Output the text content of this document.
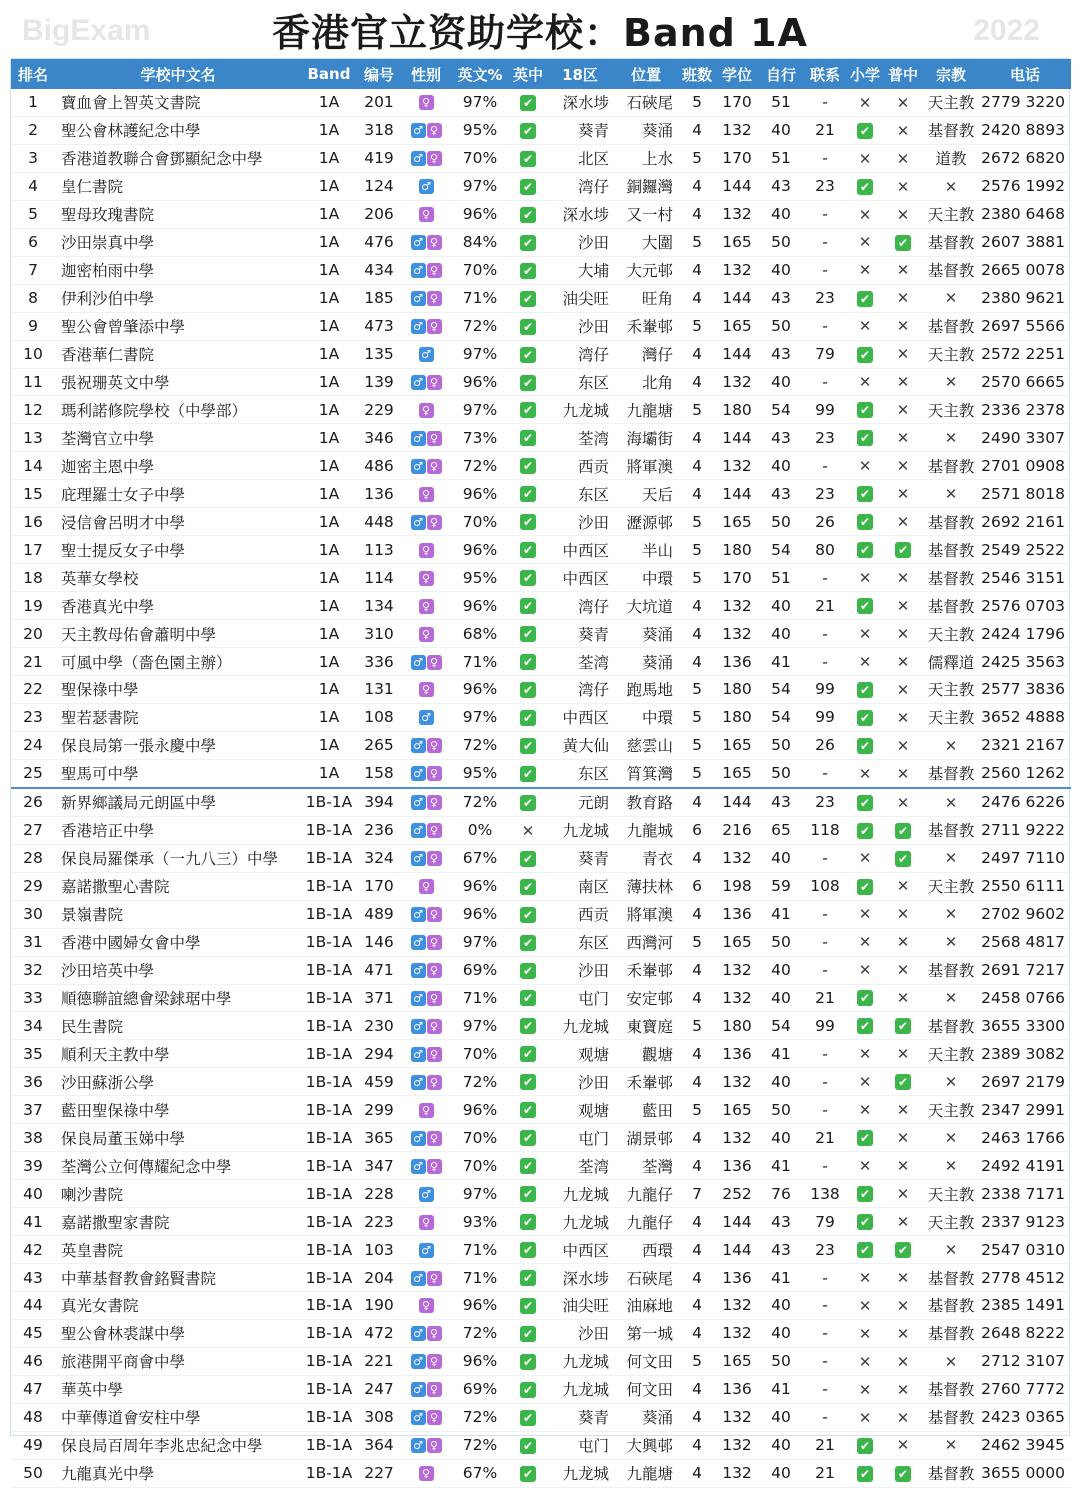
BigExam	2022
香港官立资助学校：Band 1A
排名	学校中文名	Band	编号	性别	英文%	英中	18区	位置	班数	学位	自行	联系	小学	普中	宗教	电话
1	寶血會上智英文書院	1A	201	♀	97%	✔	深水埗	石硤尾	5	170	51	-	✕	✕	天主教	2779 3220
2	聖公會林護紀念中學	1A	318	♂ ♀	95%	✔	葵青	葵涌	4	132	40	21	✔	✕	基督教	2420 8893
3	香港道教聯合會鄧顯紀念中學	1A	419	♂ ♀	70%	✔	北区	上水	5	170	51	-	✕	✕	道教	2672 6820
4	皇仁書院	1A	124	♂	97%	✔	湾仔	銅鑼灣	4	144	43	23	✔	✕	✕	2576 1992
5	聖母玫瑰書院	1A	206	♀	96%	✔	深水埗	又一村	4	132	40	-	✕	✕	天主教	2380 6468
6	沙田崇真中學	1A	476	♂ ♀	84%	✔	沙田	大圍	5	165	50	-	✕	✔	基督教	2607 3881
7	迦密柏雨中學	1A	434	♂ ♀	70%	✔	大埔	大元邨	4	132	40	-	✕	✕	基督教	2665 0078
8	伊利沙伯中學	1A	185	♂ ♀	71%	✔	油尖旺	旺角	4	144	43	23	✔	✕	✕	2380 9621
9	聖公會曾肇添中學	1A	473	♂ ♀	72%	✔	沙田	禾輋邨	5	165	50	-	✕	✕	基督教	2697 5566
10	香港華仁書院	1A	135	♂	97%	✔	湾仔	灣仔	4	144	43	79	✔	✕	天主教	2572 2251
11	張祝珊英文中學	1A	139	♂ ♀	96%	✔	东区	北角	4	132	40	-	✕	✕	✕	2570 6665
12	瑪利諾修院學校（中學部）	1A	229	♀	97%	✔	九龙城	九龍塘	5	180	54	99	✔	✕	天主教	2336 2378
13	荃灣官立中學	1A	346	♂ ♀	73%	✔	荃湾	海壩街	4	144	43	23	✔	✕	✕	2490 3307
14	迦密主恩中學	1A	486	♂ ♀	72%	✔	西贡	將軍澳	4	132	40	-	✕	✕	基督教	2701 0908
15	庇理羅士女子中學	1A	136	♀	96%	✔	东区	天后	4	144	43	23	✔	✕	✕	2571 8018
16	浸信會呂明才中學	1A	448	♂ ♀	70%	✔	沙田	瀝源邨	5	165	50	26	✔	✕	基督教	2692 2161
17	聖士提反女子中學	1A	113	♀	96%	✔	中西区	半山	5	180	54	80	✔	✔	基督教	2549 2522
18	英華女學校	1A	114	♀	95%	✔	中西区	中環	5	170	51	-	✕	✕	基督教	2546 3151
19	香港真光中學	1A	134	♀	96%	✔	湾仔	大坑道	4	132	40	21	✔	✕	基督教	2576 0703
20	天主教母佑會蕭明中學	1A	310	♀	68%	✔	葵青	葵涌	4	132	40	-	✕	✕	天主教	2424 1796
21	可風中學（嗇色園主辦）	1A	336	♂ ♀	71%	✔	荃湾	葵涌	4	136	41	-	✕	✕	儒釋道	2425 3563
22	聖保祿中學	1A	131	♀	96%	✔	湾仔	跑馬地	5	180	54	99	✔	✕	天主教	2577 3836
23	聖若瑟書院	1A	108	♂	97%	✔	中西区	中環	5	180	54	99	✔	✕	天主教	3652 4888
24	保良局第一張永慶中學	1A	265	♂ ♀	72%	✔	黄大仙	慈雲山	5	165	50	26	✔	✕	✕	2321 2167
25	聖馬可中學	1A	158	♂ ♀	95%	✔	东区	筲箕灣	5	165	50	-	✕	✕	基督教	2560 1262
26	新界鄉議局元朗區中學	1B-1A	394	♂ ♀	72%	✔	元朗	教育路	4	144	43	23	✔	✕	✕	2476 6226
27	香港培正中學	1B-1A	236	♂ ♀	0%	✕	九龙城	九龍城	6	216	65	118	✔	✔	基督教	2711 9222
28	保良局羅傑承（一九八三）中學	1B-1A	324	♂ ♀	67%	✔	葵青	青衣	4	132	40	-	✕	✔	✕	2497 7110
29	嘉諾撒聖心書院	1B-1A	170	♀	96%	✔	南区	薄扶林	6	198	59	108	✔	✕	天主教	2550 6111
30	景嶺書院	1B-1A	489	♂ ♀	96%	✔	西贡	將軍澳	4	136	41	-	✕	✕	✕	2702 9602
31	香港中國婦女會中學	1B-1A	146	♂ ♀	97%	✔	东区	西灣河	5	165	50	-	✕	✕	✕	2568 4817
32	沙田培英中學	1B-1A	471	♂ ♀	69%	✔	沙田	禾輋邨	4	132	40	-	✕	✕	基督教	2691 7217
33	順德聯誼總會梁銶琚中學	1B-1A	371	♂ ♀	71%	✔	屯门	安定邨	4	132	40	21	✔	✕	✕	2458 0766
34	民生書院	1B-1A	230	♂ ♀	97%	✔	九龙城	東寶庭	5	180	54	99	✔	✔	基督教	3655 3300
35	順利天主教中學	1B-1A	294	♂ ♀	70%	✔	观塘	觀塘	4	136	41	-	✕	✕	天主教	2389 3082
36	沙田蘇浙公學	1B-1A	459	♂ ♀	72%	✔	沙田	禾輋邨	4	132	40	-	✕	✔	✕	2697 2179
37	藍田聖保祿中學	1B-1A	299	♀	96%	✔	观塘	藍田	5	165	50	-	✕	✕	天主教	2347 2991
38	保良局董玉娣中學	1B-1A	365	♂ ♀	70%	✔	屯门	湖景邨	4	132	40	21	✔	✕	✕	2463 1766
39	荃灣公立何傳耀紀念中學	1B-1A	347	♂ ♀	70%	✔	荃湾	荃灣	4	136	41	-	✕	✕	✕	2492 4191
40	喇沙書院	1B-1A	228	♂	97%	✔	九龙城	九龍仔	7	252	76	138	✔	✕	天主教	2338 7171
41	嘉諾撒聖家書院	1B-1A	223	♀	93%	✔	九龙城	九龍仔	4	144	43	79	✔	✕	天主教	2337 9123
42	英皇書院	1B-1A	103	♂	71%	✔	中西区	西環	4	144	43	23	✔	✔	✕	2547 0310
43	中華基督教會銘賢書院	1B-1A	204	♂ ♀	71%	✔	深水埗	石硤尾	4	136	41	-	✕	✕	基督教	2778 4512
44	真光女書院	1B-1A	190	♀	96%	✔	油尖旺	油麻地	4	132	40	-	✕	✕	基督教	2385 1491
45	聖公會林裘謀中學	1B-1A	472	♂ ♀	72%	✔	沙田	第一城	4	132	40	-	✕	✕	基督教	2648 8222
46	旅港開平商會中學	1B-1A	221	♂ ♀	96%	✔	九龙城	何文田	5	165	50	-	✕	✕	✕	2712 3107
47	華英中學	1B-1A	247	♂ ♀	69%	✔	九龙城	何文田	4	136	41	-	✕	✕	基督教	2760 7772
48	中華傳道會安柱中學	1B-1A	308	♂ ♀	72%	✔	葵青	葵涌	4	132	40	-	✕	✕	基督教	2423 0365
49	保良局百周年李兆忠紀念中學	1B-1A	364	♂ ♀	72%	✔	屯门	大興邨	4	132	40	21	✔	✕	✕	2462 3945
50	九龍真光中學	1B-1A	227	♀	67%	✔	九龙城	九龍塘	4	132	40	21	✔	✔	基督教	3655 0000
